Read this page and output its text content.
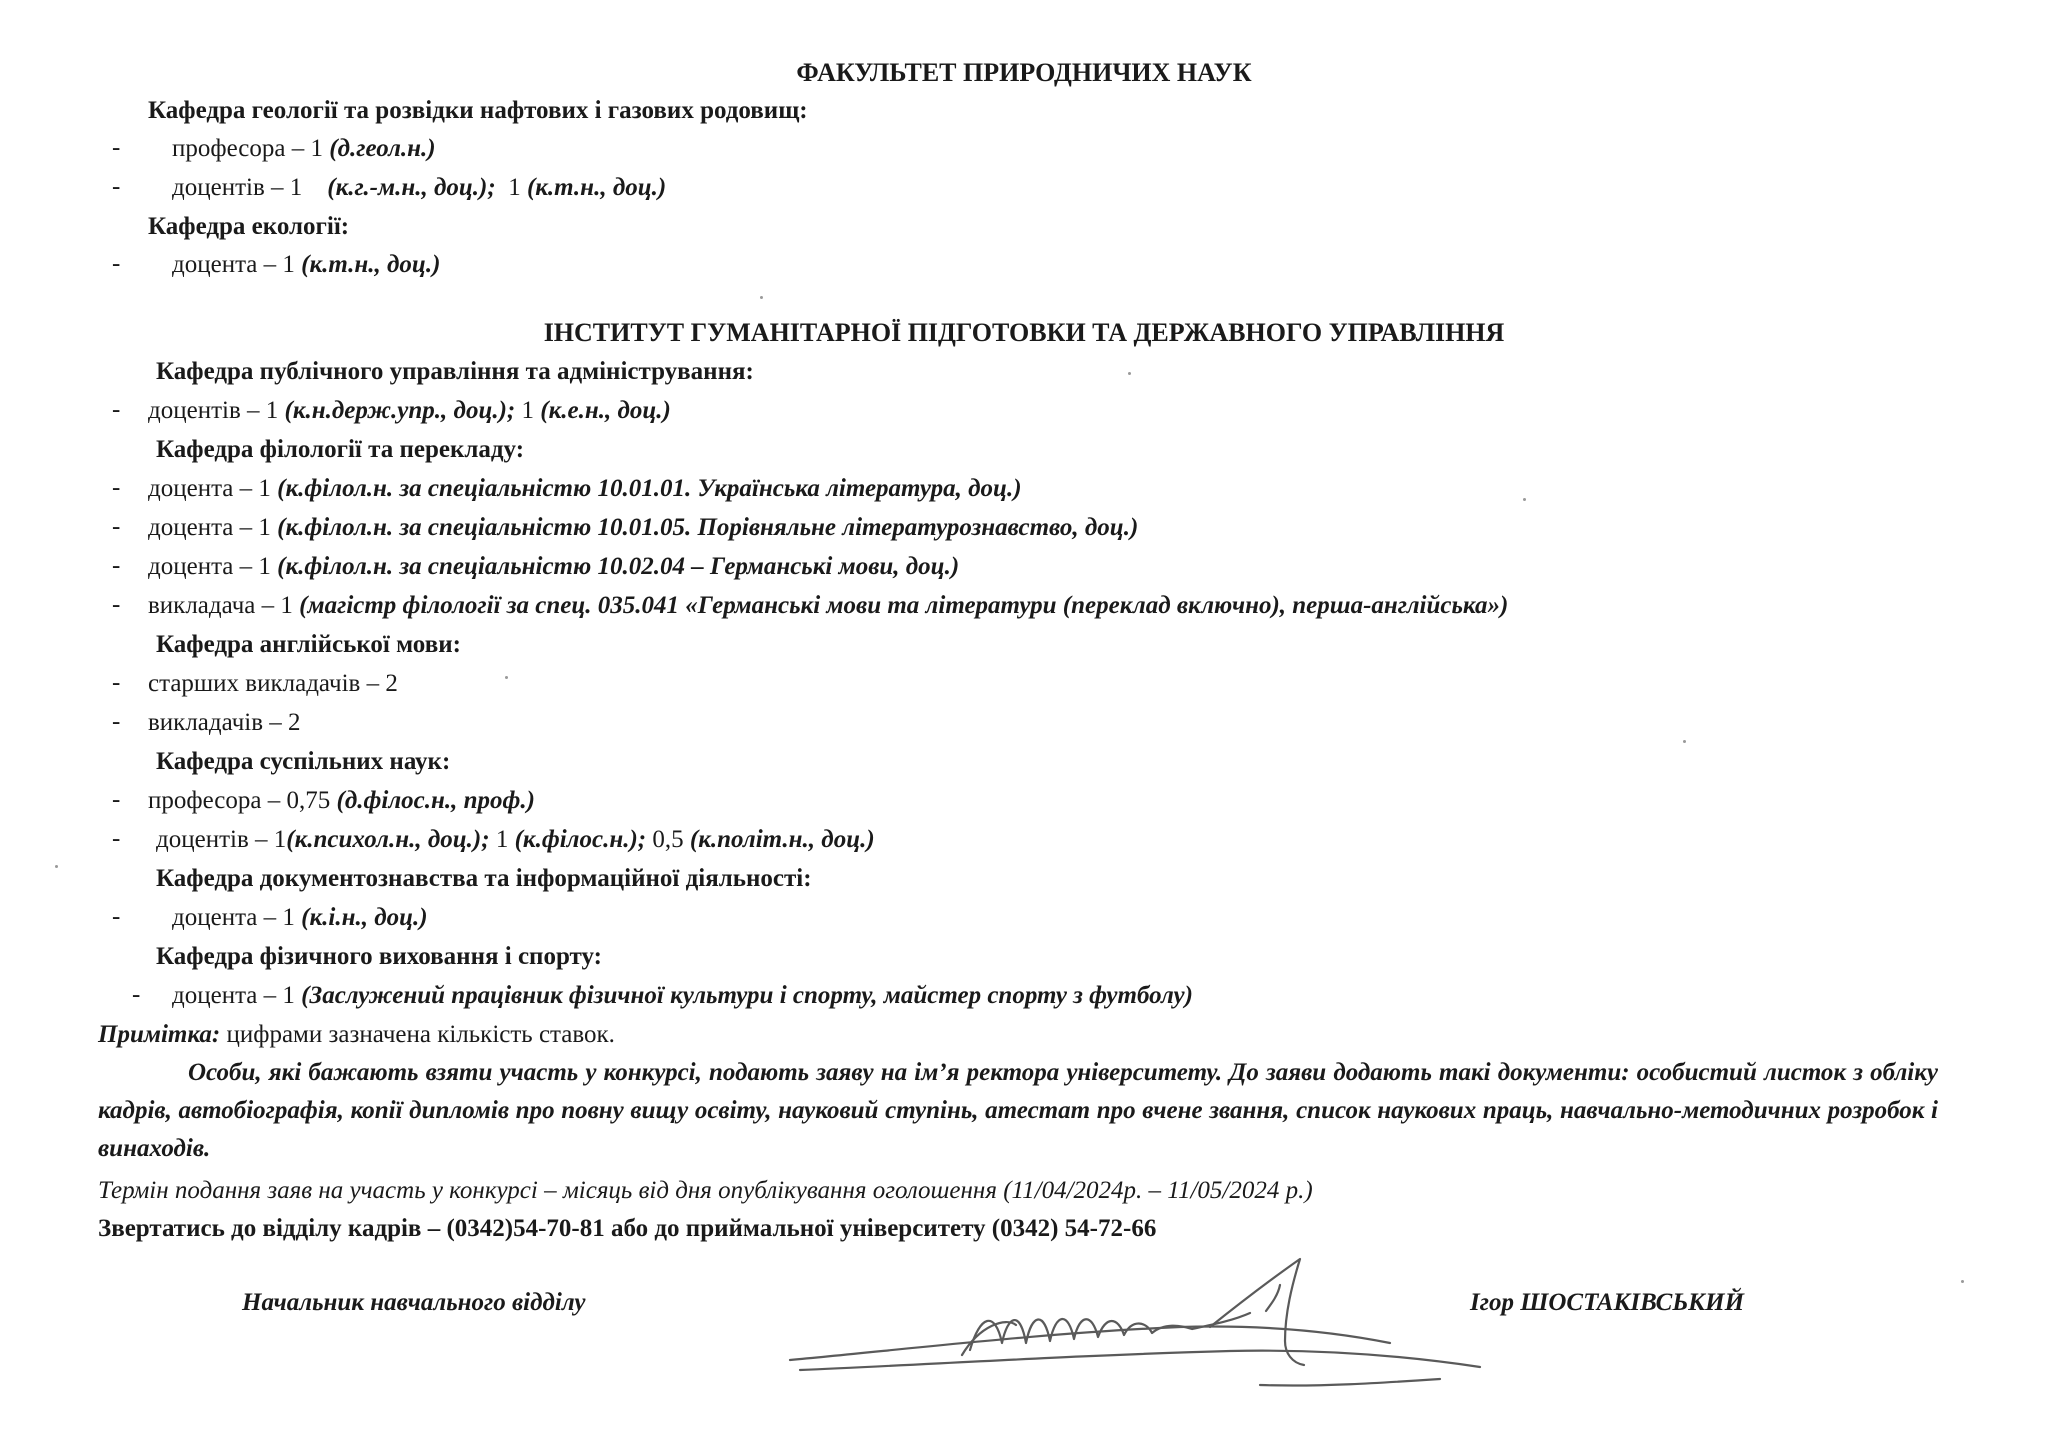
ФАКУЛЬТЕТ ПРИРОДНИЧИХ НАУК
Кафедра геології та розвідки нафтових і газових родовищ:
- професора – 1 (д.геол.н.)
- доцентів – 1    (к.г.-м.н., доц.); 1 (к.т.н., доц.)
Кафедра екології:
- доцента – 1 (к.т.н., доц.)
ІНСТИТУТ ГУМАНІТАРНОЇ ПІДГОТОВКИ ТА ДЕРЖАВНОГО УПРАВЛІННЯ
Кафедра публічного управління та адміністрування:
- доцентів – 1 (к.н.держ.упр., доц.); 1 (к.е.н., доц.)
Кафедра філології та перекладу:
- доцента – 1 (к.філол.н. за спеціальністю 10.01.01. Українська література, доц.)
- доцента – 1 (к.філол.н. за спеціальністю 10.01.05. Порівняльне літературознавство, доц.)
- доцента – 1 (к.філол.н. за спеціальністю 10.02.04 – Германські мови, доц.)
- викладача – 1 (магістр філології за спец. 035.041 «Германські мови та літератури (переклад включно), перша-англійська»)
Кафедра англійської мови:
- старших викладачів – 2
- викладачів – 2
Кафедра суспільних наук:
- професора – 0,75 (д.філос.н., проф.)
- доцентів – 1(к.психол.н., доц.); 1 (к.філос.н.); 0,5 (к.політ.н., доц.)
Кафедра документознавства та інформаційної діяльності:
- доцента – 1 (к.і.н., доц.)
Кафедра фізичного виховання і спорту:
- доцента – 1 (Заслужений працівник фізичної культури і спорту, майстер спорту з футболу)
Примітка: цифрами зазначена кількість ставок.
Особи, які бажають взяти участь у конкурсі, подають заяву на ім’я ректора університету. До заяви додають такі документи: особистий листок з обліку кадрів, автобіографія, копії дипломів про повну вищу освіту, науковий ступінь, атестат про вчене звання, список наукових праць, навчально-методичних розробок і винаходів.
Термін подання заяв на участь у конкурсі – місяць від дня опублікування оголошення (11/04/2024р. – 11/05/2024 р.)
Звертатись до відділу кадрів – (0342)54-70-81 або до приймальної університету (0342) 54-72-66
Начальник навчального відділу	Ігор ШОСТАКІВСЬКИЙ
